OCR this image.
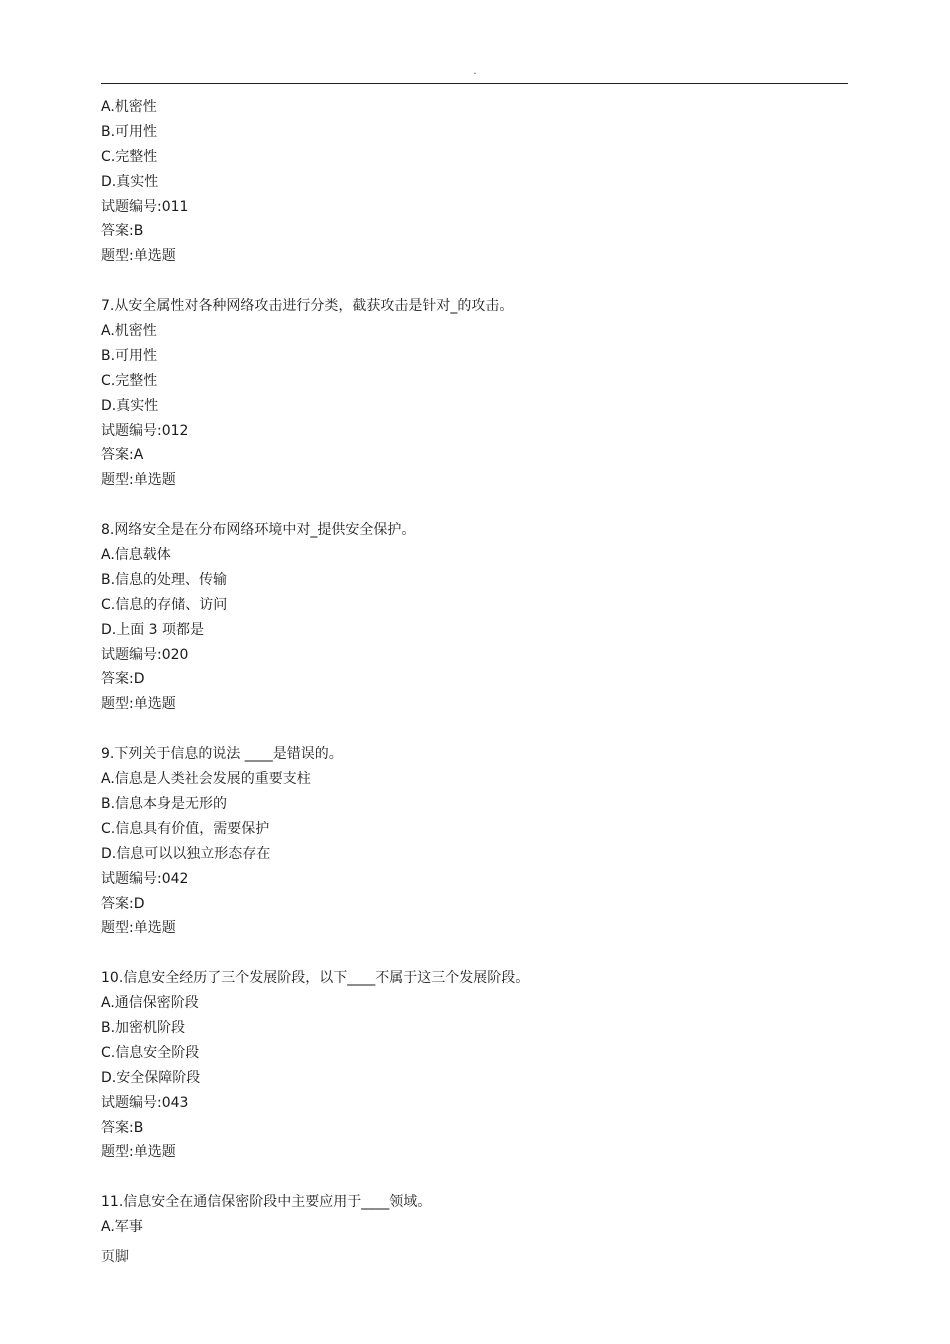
.
A.机密性
B.可用性
C.完整性
D.真实性
试题编号:011
答案:B
题型:单选题
7.从安全属性对各种网络攻击进行分类，截获攻击是针对_的攻击。
A.机密性
B.可用性
C.完整性
D.真实性
试题编号:012
答案:A
题型:单选题
8.网络安全是在分布网络环境中对_提供安全保护。
A.信息载体
B.信息的处理、传输
C.信息的存储、访问
D.上面 3 项都是
试题编号:020
答案:D
题型:单选题
9.下列关于信息的说法 ____是错误的。
A.信息是人类社会发展的重要支柱
B.信息本身是无形的
C.信息具有价值，需要保护
D.信息可以以独立形态存在
试题编号:042
答案:D
题型:单选题
10.信息安全经历了三个发展阶段，以下____不属于这三个发展阶段。
A.通信保密阶段
B.加密机阶段
C.信息安全阶段
D.安全保障阶段
试题编号:043
答案:B
题型:单选题
11.信息安全在通信保密阶段中主要应用于____领域。
A.军事
页脚
